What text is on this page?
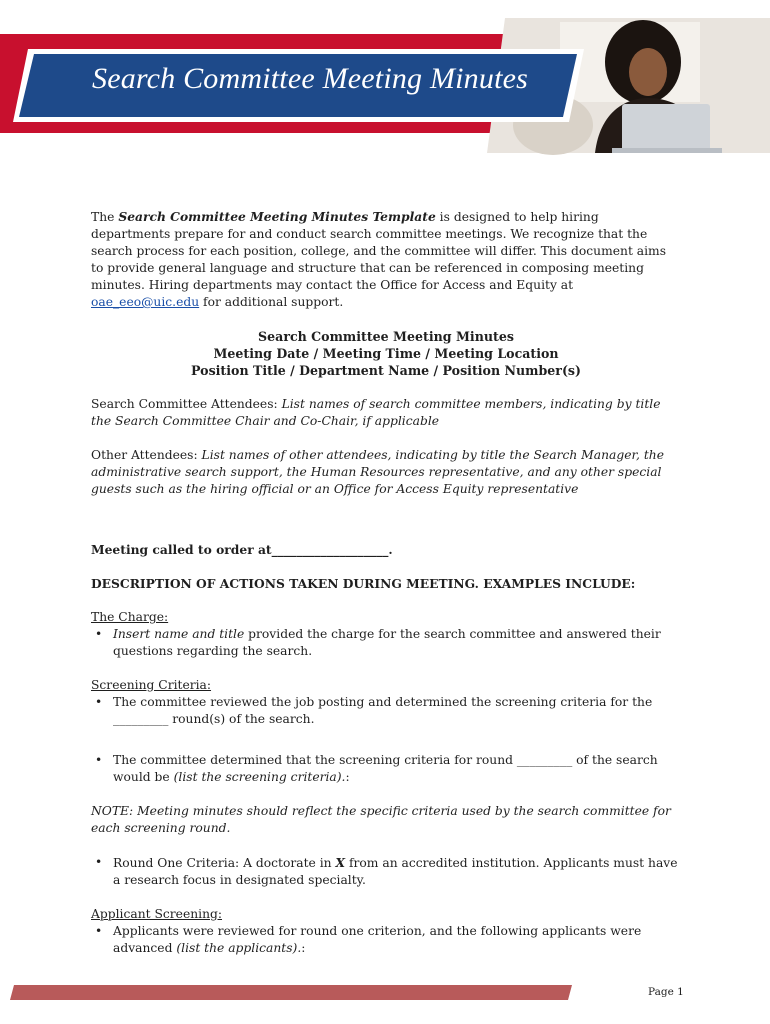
Search Committee Meeting Minutes

The Search Committee Meeting Minutes Template is designed to help hiring departments prepare for and conduct search committee meetings. We recognize that the search process for each position, college, and the committee will differ. This document aims to provide general language and structure that can be referenced in composing meeting minutes. Hiring departments may contact the Office for Access and Equity at oae_eeo@uic.edu for additional support.

Search Committee Meeting Minutes
Meeting Date / Meeting Time / Meeting Location
Position Title / Department Name / Position Number(s)

Search Committee Attendees: List names of search committee members, indicating by title the Search Committee Chair and Co-Chair, if applicable

Other Attendees: List names of other attendees, indicating by title the Search Manager, the administrative search support, the Human Resources representative, and any other special guests such as the hiring official or an Office for Access Equity representative

Meeting called to order at___________________.

DESCRIPTION OF ACTIONS TAKEN DURING MEETING. EXAMPLES INCLUDE:

The Charge:

• Insert name and title provided the charge for the search committee and answered their questions regarding the search.

Screening Criteria:

• The committee reviewed the job posting and determined the screening criteria for the _________ round(s) of the search.
• The committee determined that the screening criteria for round _________ of the search would be (list the screening criteria).:

NOTE: Meeting minutes should reflect the specific criteria used by the search committee for each screening round.

• Round One Criteria: A doctorate in X from an accredited institution. Applicants must have a research focus in designated specialty.

Applicant Screening:

• Applicants were reviewed for round one criterion, and the following applicants were advanced (list the applicants).:
Page 1
